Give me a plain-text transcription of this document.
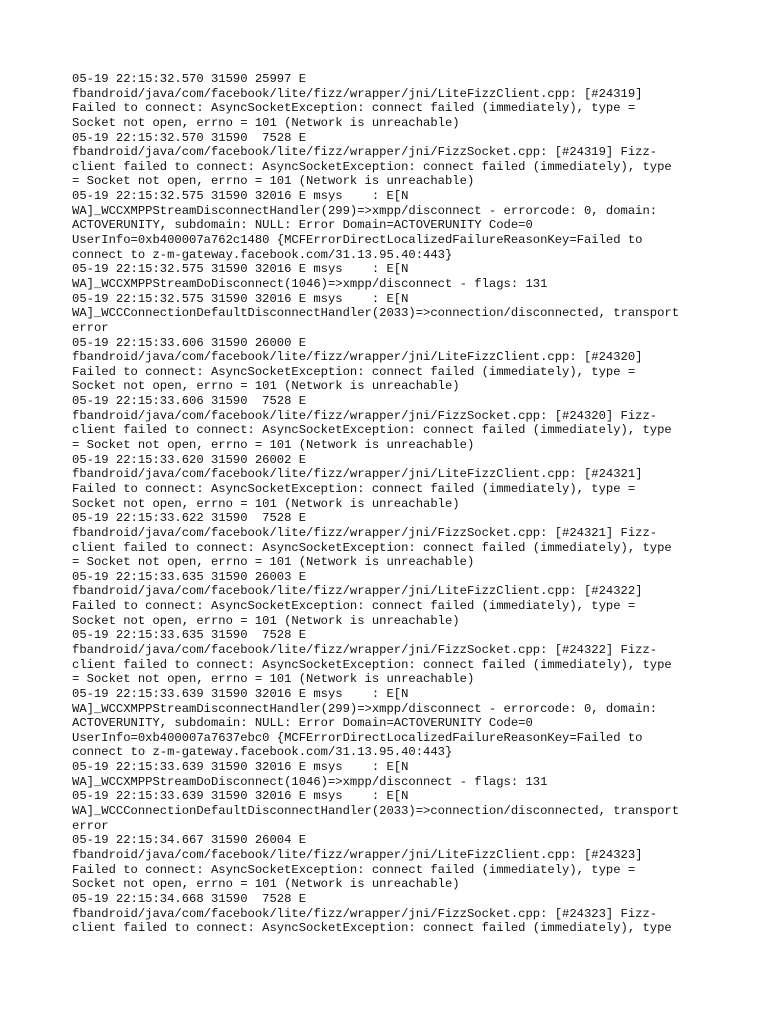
05-19 22:15:32.570 31590 25997 E
fbandroid/java/com/facebook/lite/fizz/wrapper/jni/LiteFizzClient.cpp: [#24319]
Failed to connect: AsyncSocketException: connect failed (immediately), type =
Socket not open, errno = 101 (Network is unreachable)
05-19 22:15:32.570 31590  7528 E
fbandroid/java/com/facebook/lite/fizz/wrapper/jni/FizzSocket.cpp: [#24319] Fizz-
client failed to connect: AsyncSocketException: connect failed (immediately), type
= Socket not open, errno = 101 (Network is unreachable)
05-19 22:15:32.575 31590 32016 E msys    : E[N
WA]_WCCXMPPStreamDisconnectHandler(299)=>xmpp/disconnect - errorcode: 0, domain:
ACTOVERUNITY, subdomain: NULL: Error Domain=ACTOVERUNITY Code=0
UserInfo=0xb400007a762c1480 {MCFErrorDirectLocalizedFailureReasonKey=Failed to
connect to z-m-gateway.facebook.com/31.13.95.40:443}
05-19 22:15:32.575 31590 32016 E msys    : E[N
WA]_WCCXMPPStreamDoDisconnect(1046)=>xmpp/disconnect - flags: 131
05-19 22:15:32.575 31590 32016 E msys    : E[N
WA]_WCCConnectionDefaultDisconnectHandler(2033)=>connection/disconnected, transport
error
05-19 22:15:33.606 31590 26000 E
fbandroid/java/com/facebook/lite/fizz/wrapper/jni/LiteFizzClient.cpp: [#24320]
Failed to connect: AsyncSocketException: connect failed (immediately), type =
Socket not open, errno = 101 (Network is unreachable)
05-19 22:15:33.606 31590  7528 E
fbandroid/java/com/facebook/lite/fizz/wrapper/jni/FizzSocket.cpp: [#24320] Fizz-
client failed to connect: AsyncSocketException: connect failed (immediately), type
= Socket not open, errno = 101 (Network is unreachable)
05-19 22:15:33.620 31590 26002 E
fbandroid/java/com/facebook/lite/fizz/wrapper/jni/LiteFizzClient.cpp: [#24321]
Failed to connect: AsyncSocketException: connect failed (immediately), type =
Socket not open, errno = 101 (Network is unreachable)
05-19 22:15:33.622 31590  7528 E
fbandroid/java/com/facebook/lite/fizz/wrapper/jni/FizzSocket.cpp: [#24321] Fizz-
client failed to connect: AsyncSocketException: connect failed (immediately), type
= Socket not open, errno = 101 (Network is unreachable)
05-19 22:15:33.635 31590 26003 E
fbandroid/java/com/facebook/lite/fizz/wrapper/jni/LiteFizzClient.cpp: [#24322]
Failed to connect: AsyncSocketException: connect failed (immediately), type =
Socket not open, errno = 101 (Network is unreachable)
05-19 22:15:33.635 31590  7528 E
fbandroid/java/com/facebook/lite/fizz/wrapper/jni/FizzSocket.cpp: [#24322] Fizz-
client failed to connect: AsyncSocketException: connect failed (immediately), type
= Socket not open, errno = 101 (Network is unreachable)
05-19 22:15:33.639 31590 32016 E msys    : E[N
WA]_WCCXMPPStreamDisconnectHandler(299)=>xmpp/disconnect - errorcode: 0, domain:
ACTOVERUNITY, subdomain: NULL: Error Domain=ACTOVERUNITY Code=0
UserInfo=0xb400007a7637ebc0 {MCFErrorDirectLocalizedFailureReasonKey=Failed to
connect to z-m-gateway.facebook.com/31.13.95.40:443}
05-19 22:15:33.639 31590 32016 E msys    : E[N
WA]_WCCXMPPStreamDoDisconnect(1046)=>xmpp/disconnect - flags: 131
05-19 22:15:33.639 31590 32016 E msys    : E[N
WA]_WCCConnectionDefaultDisconnectHandler(2033)=>connection/disconnected, transport
error
05-19 22:15:34.667 31590 26004 E
fbandroid/java/com/facebook/lite/fizz/wrapper/jni/LiteFizzClient.cpp: [#24323]
Failed to connect: AsyncSocketException: connect failed (immediately), type =
Socket not open, errno = 101 (Network is unreachable)
05-19 22:15:34.668 31590  7528 E
fbandroid/java/com/facebook/lite/fizz/wrapper/jni/FizzSocket.cpp: [#24323] Fizz-
client failed to connect: AsyncSocketException: connect failed (immediately), type
